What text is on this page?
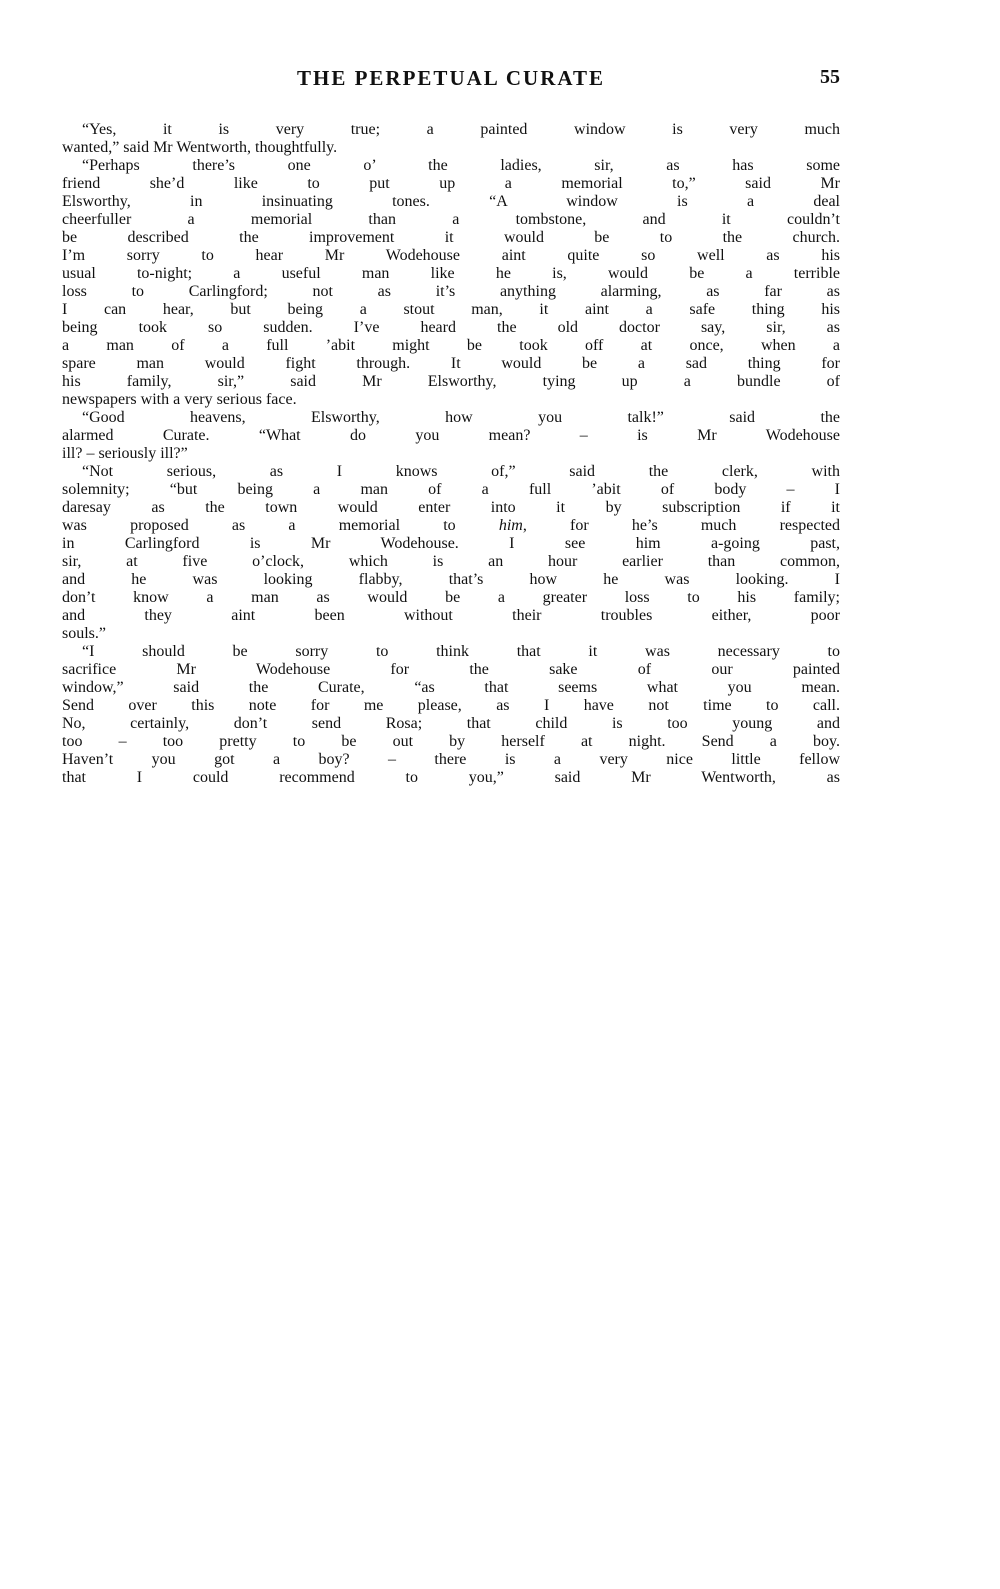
THE PERPETUAL CURATE	55
“Yes, it is very true; a painted window is very much
wanted,” said Mr Wentworth, thoughtfully.
“Perhaps there’s one o’ the ladies, sir, as has some
friend she’d like to put up a memorial to,” said Mr
Elsworthy, in insinuating tones. “A window is a deal
cheerfuller a memorial than a tombstone, and it couldn’t
be described the improvement it would be to the church.
I’m sorry to hear Mr Wodehouse aint quite so well as his
usual to-night; a useful man like he is, would be a terrible
loss to Carlingford; not as it’s anything alarming, as far as
I can hear, but being a stout man, it aint a safe thing his
being took so sudden. I’ve heard the old doctor say, sir, as
a man of a full ’abit might be took off at once, when a
spare man would fight through. It would be a sad thing for
his family, sir,” said Mr Elsworthy, tying up a bundle of
newspapers with a very serious face.
“Good heavens, Elsworthy, how you talk!” said the
alarmed Curate. “What do you mean? – is Mr Wodehouse
ill? – seriously ill?”
“Not serious, as I knows of,” said the clerk, with
solemnity; “but being a man of a full ’abit of body – I
daresay as the town would enter into it by subscription if it
was proposed as a memorial to him, for he’s much respected
in Carlingford is Mr Wodehouse. I see him a-going past,
sir, at five o’clock, which is an hour earlier than common,
and he was looking flabby, that’s how he was looking. I
don’t know a man as would be a greater loss to his family;
and they aint been without their troubles either, poor
souls.”
“I should be sorry to think that it was necessary to
sacrifice Mr Wodehouse for the sake of our painted
window,” said the Curate, “as that seems what you mean.
Send over this note for me please, as I have not time to call.
No, certainly, don’t send Rosa; that child is too young and
too – too pretty to be out by herself at night. Send a boy.
Haven’t you got a boy? – there is a very nice little fellow
that I could recommend to you,” said Mr Wentworth, as
